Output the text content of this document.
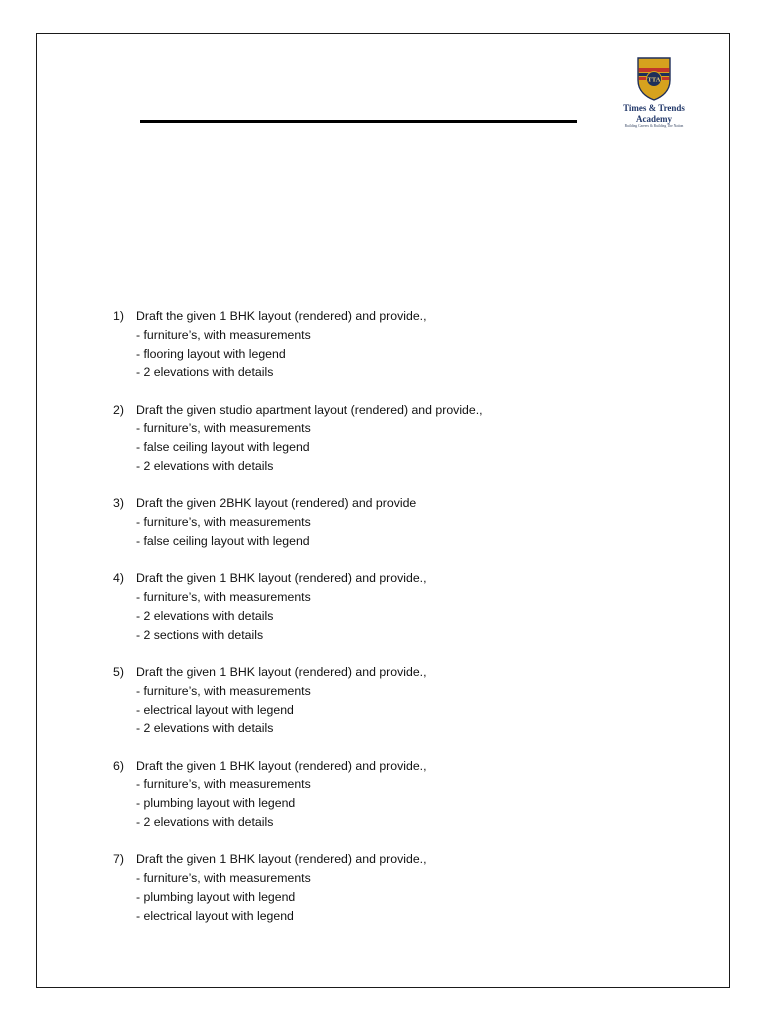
TTA
Times & Trends
Academy
Building Careers & Building The Nation
1) Draft the given 1 BHK layout (rendered) and provide.,
- furniture’s, with measurements
- flooring layout with legend
- 2 elevations with details
2) Draft the given studio apartment layout (rendered) and provide.,
- furniture’s, with measurements
- false ceiling layout with legend
- 2 elevations with details
3) Draft the given 2BHK layout (rendered) and provide
- furniture’s, with measurements
- false ceiling layout with legend
4) Draft the given 1 BHK layout (rendered) and provide.,
- furniture’s, with measurements
- 2 elevations with details
- 2 sections with details
5) Draft the given 1 BHK layout (rendered) and provide.,
- furniture’s, with measurements
- electrical layout with legend
- 2 elevations with details
6) Draft the given 1 BHK layout (rendered) and provide.,
- furniture’s, with measurements
- plumbing layout with legend
- 2 elevations with details
7) Draft the given 1 BHK layout (rendered) and provide.,
- furniture’s, with measurements
- plumbing layout with legend
- electrical layout with legend
